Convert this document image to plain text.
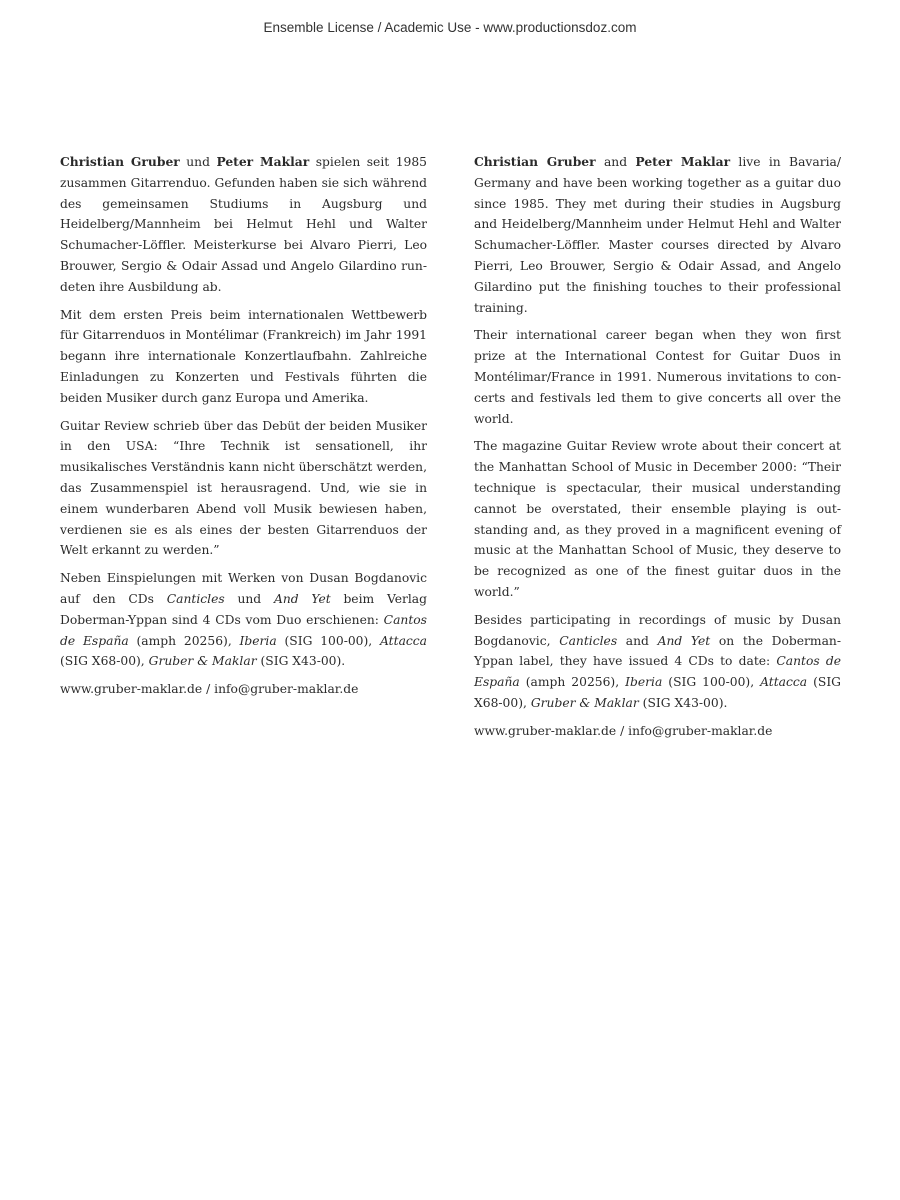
Ensemble License / Academic Use - www.productionsdoz.com

Christian Gruber und Peter Maklar spielen seit 1985 zusammen Gitarrenduo. Gefunden haben sie sich während des gemeinsamen Studiums in Augsburg und Heidelberg/Mannheim bei Helmut Hehl und Walter Schumacher-Löffler. Meisterkurse bei Alvaro Pierri, Leo Brouwer, Sergio & Odair Assad und Angelo Gilardino rundeten ihre Ausbildung ab.

Mit dem ersten Preis beim internationalen Wettbewerb für Gitarrenduos in Montélimar (Frankreich) im Jahr 1991 begann ihre internationale Konzertlaufbahn. Zahlreiche Einladungen zu Konzerten und Festivals führten die beiden Musiker durch ganz Europa und Amerika.

Guitar Review schrieb über das Debüt der beiden Musiker in den USA: “Ihre Technik ist sensationell, ihr musikalisches Verständnis kann nicht überschätzt werden, das Zusammenspiel ist herausragend. Und, wie sie in einem wunderbaren Abend voll Musik bewiesen haben, verdienen sie es als eines der besten Gitarrenduos der Welt erkannt zu werden.”

Neben Einspielungen mit Werken von Dusan Bogdanovic auf den CDs Canticles und And Yet beim Verlag Doberman-Yppan sind 4 CDs vom Duo erschienen: Cantos de España (amph 20256), Iberia (SIG 100-00), Attacca (SIG X68-00), Gruber & Maklar (SIG X43-00).

www.gruber-maklar.de / info@gruber-maklar.de

Christian Gruber and Peter Maklar live in Bavaria/ Germany and have been working together as a guitar duo since 1985. They met during their studies in Augsburg and Heidelberg/Mannheim under Helmut Hehl and Walter Schumacher-Löffler. Master courses directed by Alvaro Pierri, Leo Brouwer, Sergio & Odair Assad, and Angelo Gilardino put the finishing touches to their professional training.

Their international career began when they won first prize at the International Contest for Guitar Duos in Montélimar/France in 1991. Numerous invitations to concerts and festivals led them to give concerts all over the world.

The magazine Guitar Review wrote about their concert at the Manhattan School of Music in December 2000: “Their technique is spectacular, their musical understanding cannot be overstated, their ensemble playing is outstanding and, as they proved in a magnificent evening of music at the Manhattan School of Music, they deserve to be recognized as one of the finest guitar duos in the world.”

Besides participating in recordings of music by Dusan Bogdanovic, Canticles and And Yet on the Doberman-Yppan label, they have issued 4 CDs to date: Cantos de España (amph 20256), Iberia (SIG 100-00), Attacca (SIG X68-00), Gruber & Maklar (SIG X43-00).

www.gruber-maklar.de / info@gruber-maklar.de
